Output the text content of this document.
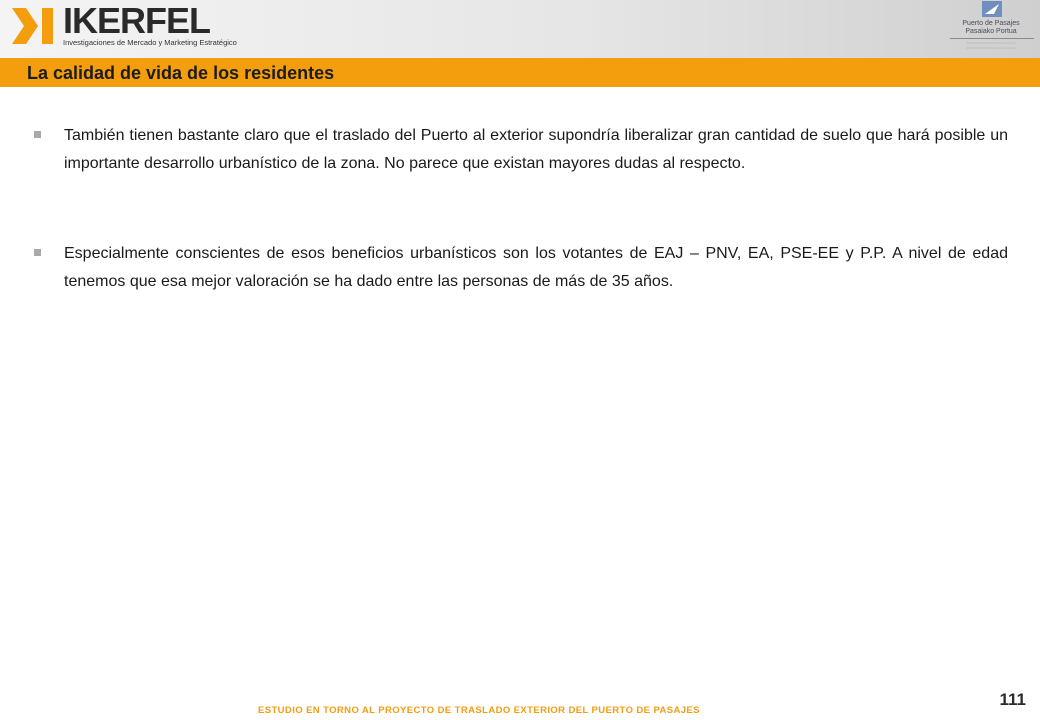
IKERFEL
Investigaciones de Mercado y Marketing Estratégico
Puerto de Pasajes
Pasaiako Portua
La calidad de vida de los residentes
También tienen bastante claro que el traslado del Puerto al exterior supondría liberalizar gran cantidad de suelo que hará posible un importante desarrollo urbanístico de la zona. No parece que existan mayores dudas al respecto.
Especialmente conscientes de esos beneficios urbanísticos son los votantes de EAJ – PNV, EA, PSE-EE y P.P. A nivel de edad tenemos que esa mejor valoración se ha dado entre las personas de más de 35 años.
ESTUDIO EN TORNO AL PROYECTO DE TRASLADO EXTERIOR DEL PUERTO DE PASAJES
111
